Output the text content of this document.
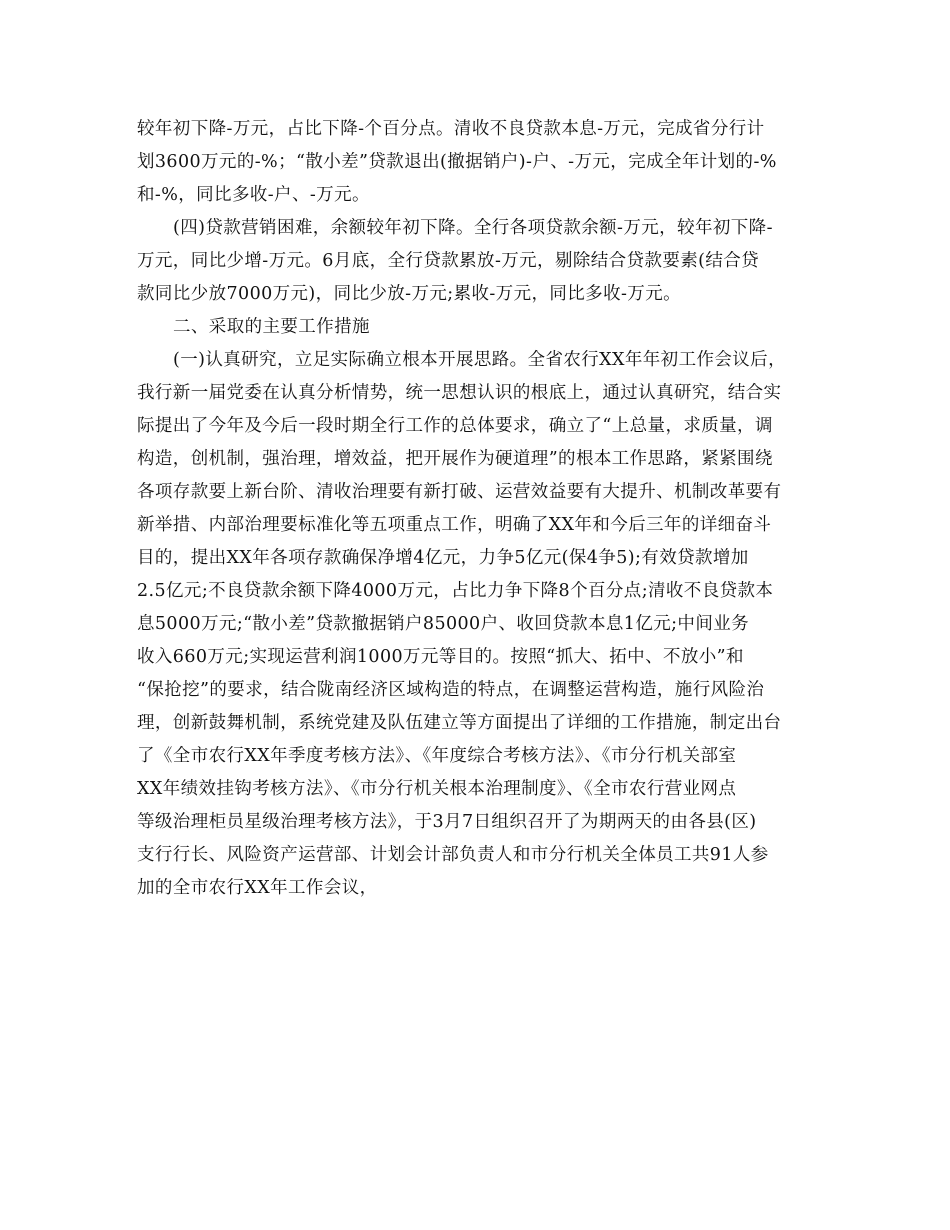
较年初下降-万元，占比下降-个百分点。清收不良贷款本息-万元，完成省分行计
划3600万元的-%；“散小差”贷款退出(撤据销户)-户、-万元，完成全年计划的-%
和-%，同比多收-户、-万元。
(四)贷款营销困难，余额较年初下降。全行各项贷款余额-万元，较年初下降-
万元，同比少增-万元。6月底，全行贷款累放-万元，剔除结合贷款要素(结合贷
款同比少放7000万元)，同比少放-万元;累收-万元，同比多收-万元。
二、采取的主要工作措施
(一)认真研究，立足实际确立根本开展思路。全省农行XX年年初工作会议后，
我行新一届党委在认真分析情势，统一思想认识的根底上，通过认真研究，结合实
际提出了今年及今后一段时期全行工作的总体要求，确立了“上总量，求质量，调
构造，创机制，强治理，增效益，把开展作为硬道理”的根本工作思路，紧紧围绕
各项存款要上新台阶、清收治理要有新打破、运营效益要有大提升、机制改革要有
新举措、内部治理要标准化等五项重点工作，明确了XX年和今后三年的详细奋斗
目的，提出XX年各项存款确保净增4亿元，力争5亿元(保4争5);有效贷款增加
2.5亿元;不良贷款余额下降4000万元，占比力争下降8个百分点;清收不良贷款本
息5000万元;“散小差”贷款撤据销户85000户、收回贷款本息1亿元;中间业务
收入660万元;实现运营利润1000万元等目的。按照“抓大、拓中、不放小”和
“保抢挖”的要求，结合陇南经济区域构造的特点，在调整运营构造，施行风险治
理，创新鼓舞机制，系统党建及队伍建立等方面提出了详细的工作措施，制定出台
了《全市农行XX年季度考核方法》、《年度综合考核方法》、《市分行机关部室
XX年绩效挂钩考核方法》、《市分行机关根本治理制度》、《全市农行营业网点
等级治理柜员星级治理考核方法》，于3月7日组织召开了为期两天的由各县(区)
支行行长、风险资产运营部、计划会计部负责人和市分行机关全体员工共91人参
加的全市农行XX年工作会议，
